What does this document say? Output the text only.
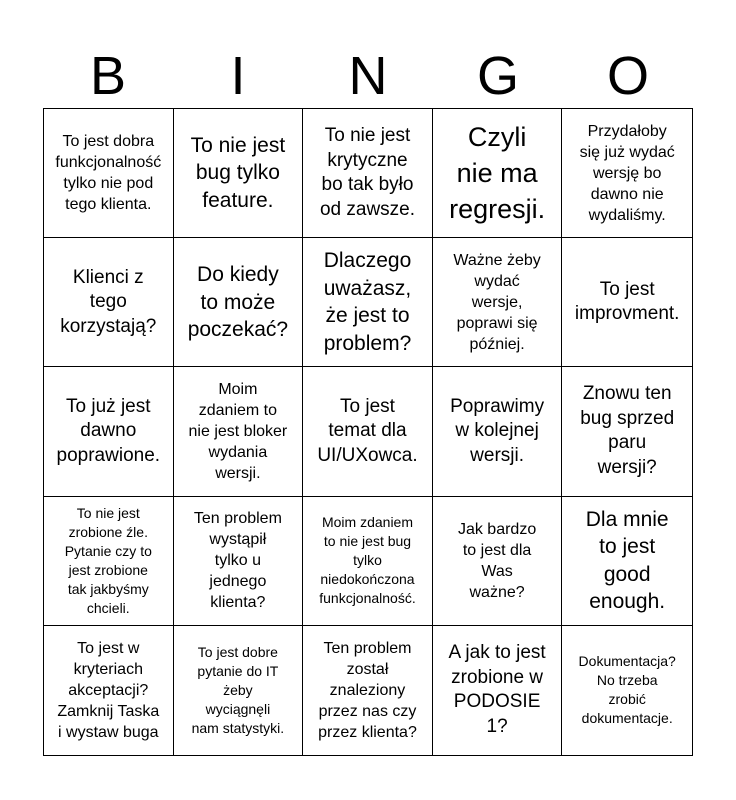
B	I	N	G	O
To jest dobra
funkcjonalność
tylko nie pod
tego klienta.
To nie jest
bug tylko
feature.
To nie jest
krytyczne
bo tak było
od zawsze.
Czyli
nie ma
regresji.
Przydałoby
się już wydać
wersję bo
dawno nie
wydaliśmy.
Klienci z
tego
korzystają?
Do kiedy
to może
poczekać?
Dlaczego
uważasz,
że jest to
problem?
Ważne żeby
wydać
wersje,
poprawi się
później.
To jest
improvment.
To już jest
dawno
poprawione.
Moim
zdaniem to
nie jest bloker
wydania
wersji.
To jest
temat dla
UI/UXowca.
Poprawimy
w kolejnej
wersji.
Znowu ten
bug sprzed
paru
wersji?
To nie jest
zrobione źle.
Pytanie czy to
jest zrobione
tak jakbyśmy
chcieli.
Ten problem
wystąpił
tylko u
jednego
klienta?
Moim zdaniem
to nie jest bug
tylko
niedokończona
funkcjonalność.
Jak bardzo
to jest dla
Was
ważne?
Dla mnie
to jest
good
enough.
To jest w
kryteriach
akceptacji?
Zamknij Taska
i wystaw buga
To jest dobre
pytanie do IT
żeby
wyciągnęli
nam statystyki.
Ten problem
został
znaleziony
przez nas czy
przez klienta?
A jak to jest
zrobione w
PODOSIE
1?
Dokumentacja?
No trzeba
zrobić
dokumentacje.
